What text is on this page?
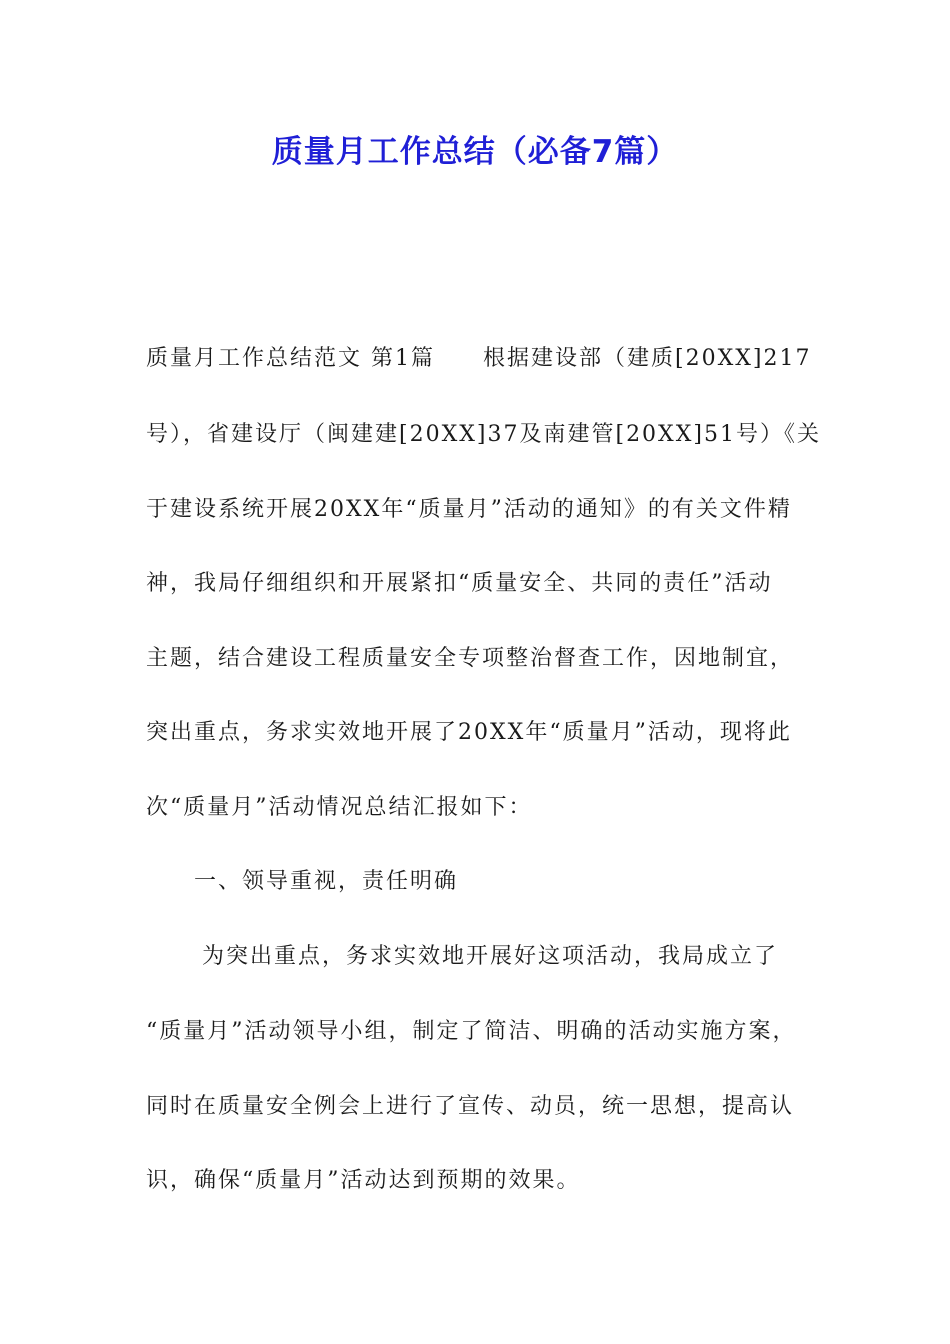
质量月工作总结（必备7篇）
质量月工作总结范文 第1篇 根据建设部（建质[20XX]217
号），省建设厅（闽建建[20XX]37及南建管[20XX]51号）《关
于建设系统开展20XX年“质量月”活动的通知》的有关文件精
神，我局仔细组织和开展紧扣“质量安全、共同的责任”活动
主题，结合建设工程质量安全专项整治督查工作，因地制宜，
突出重点，务求实效地开展了20XX年“质量月”活动，现将此
次“质量月”活动情况总结汇报如下：
一、领导重视，责任明确
为突出重点，务求实效地开展好这项活动，我局成立了
“质量月”活动领导小组，制定了简洁、明确的活动实施方案，
同时在质量安全例会上进行了宣传、动员，统一思想，提高认
识，确保“质量月”活动达到预期的效果。
